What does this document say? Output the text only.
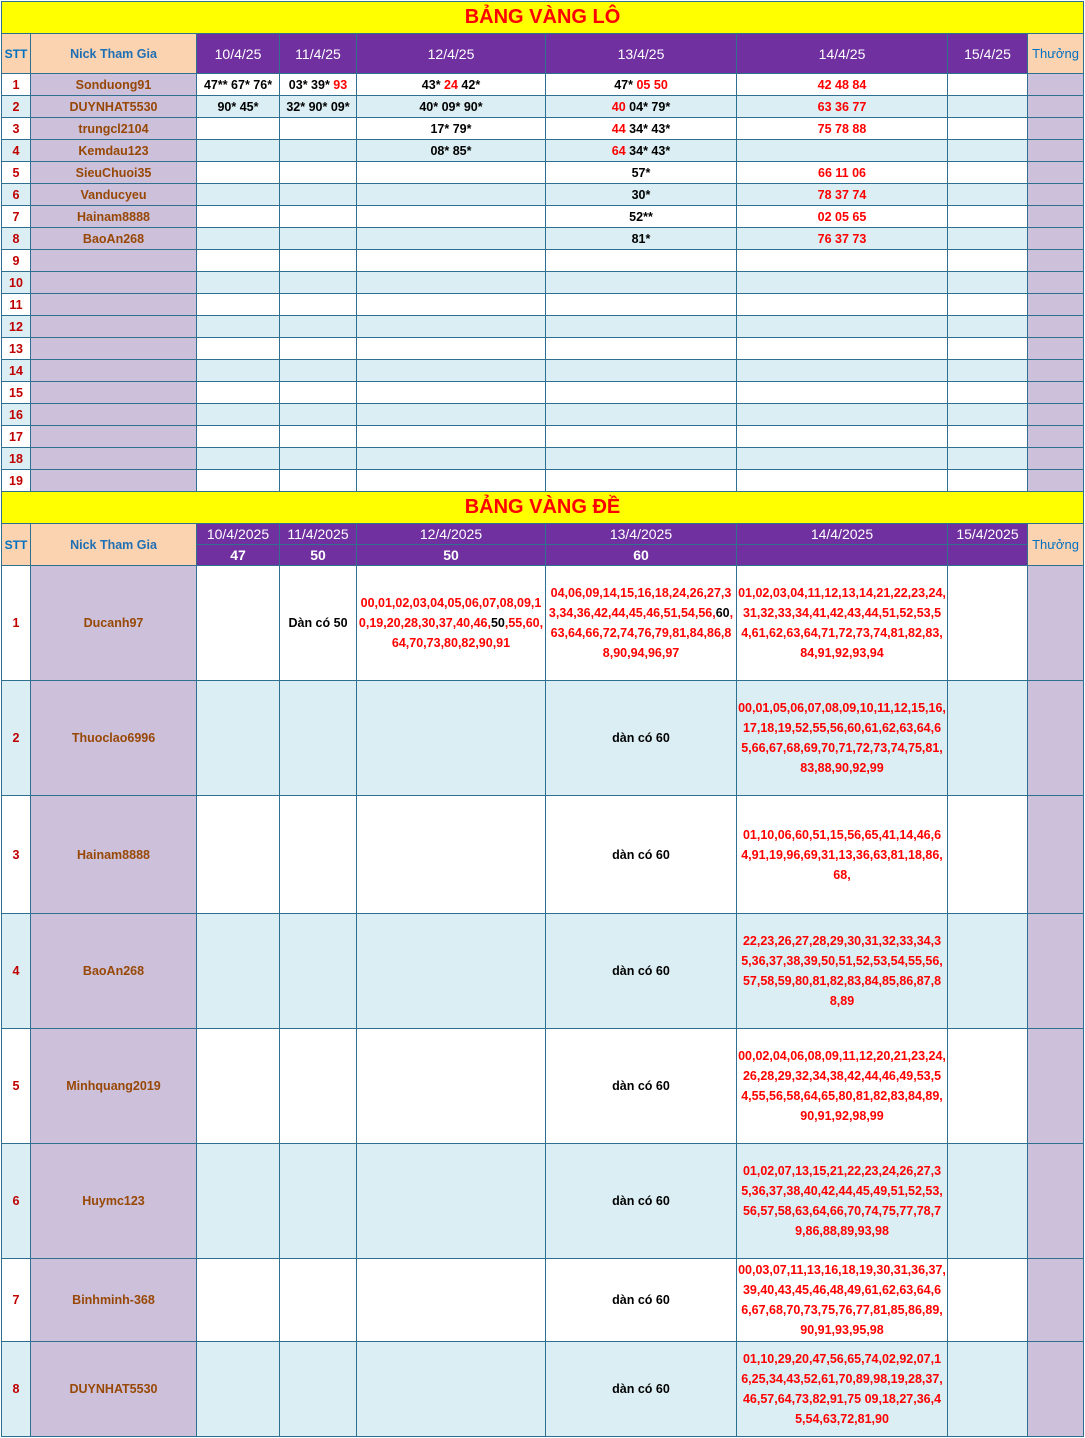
BẢNG VÀNG LÔ								
STT	Nick Tham Gia	10/4/25	11/4/25	12/4/25	13/4/25	14/4/25	15/4/25	Thưởng
1	Sonduong91	47** 67* 76*	03* 39* 93	43* 24 42*	47* 05 50	42 48 84		
2	DUYNHAT5530	90* 45*	32* 90* 09*	40* 09* 90*	40 04* 79*	63 36 77		
3	trungcl2104			17* 79*	44 34* 43*	75 78 88		
4	Kemdau123			08* 85*	64 34* 43*			
5	SieuChuoi35				57*	66 11 06		
6	Vanducyeu				30*	78 37 74		
7	Hainam8888				52**	02 05 65		
8	BaoAn268				81*	76 37 73		
9								
10								
11								
12								
13								
14								
15								
16								
17								
18								
19								
BẢNG VÀNG ĐỀ								
STT	Nick Tham Gia	10/4/2025	11/4/2025	12/4/2025	13/4/2025	14/4/2025	15/4/2025	Thưởng
		47	50	50	60			
1	Ducanh97		Dàn có 50	00,01,02,03,04,05,06,07,08,09,10,19,20,28,30,37,40,46,50,55,60,64,70,73,80,82,90,91	04,06,09,14,15,16,18,24,26,27,33,34,36,42,44,45,46,51,54,56,60,63,64,66,72,74,76,79,81,84,86,88,90,94,96,97	01,02,03,04,11,12,13,14,21,22,23,24,31,32,33,34,41,42,43,44,51,52,53,54,61,62,63,64,71,72,73,74,81,82,83,84,91,92,93,94		
2	Thuoclao6996				dàn có 60	00,01,05,06,07,08,09,10,11,12,15,16,17,18,19,52,55,56,60,61,62,63,64,65,66,67,68,69,70,71,72,73,74,75,81,83,88,90,92,99		
3	Hainam8888				dàn có 60	01,10,06,60,51,15,56,65,41,14,46,64,91,19,96,69,31,13,36,63,81,18,86,68,		
4	BaoAn268				dàn có 60	22,23,26,27,28,29,30,31,32,33,34,35,36,37,38,39,50,51,52,53,54,55,56,57,58,59,80,81,82,83,84,85,86,87,88,89		
5	Minhquang2019				dàn có 60	00,02,04,06,08,09,11,12,20,21,23,24,26,28,29,32,34,38,42,44,46,49,53,54,55,56,58,64,65,80,81,82,83,84,89,90,91,92,98,99		
6	Huymc123				dàn có 60	01,02,07,13,15,21,22,23,24,26,27,35,36,37,38,40,42,44,45,49,51,52,53,56,57,58,63,64,66,70,74,75,77,78,79,86,88,89,93,98		
7	Binhminh-368				dàn có 60	00,03,07,11,13,16,18,19,30,31,36,37,39,40,43,45,46,48,49,61,62,63,64,66,67,68,70,73,75,76,77,81,85,86,89,90,91,93,95,98		
8	DUYNHAT5530				dàn có 60	01,10,29,20,47,56,65,74,02,92,07,16,25,34,43,52,61,70,89,98,19,28,37,46,57,64,73,82,91,75 09,18,27,36,45,54,63,72,81,90		
